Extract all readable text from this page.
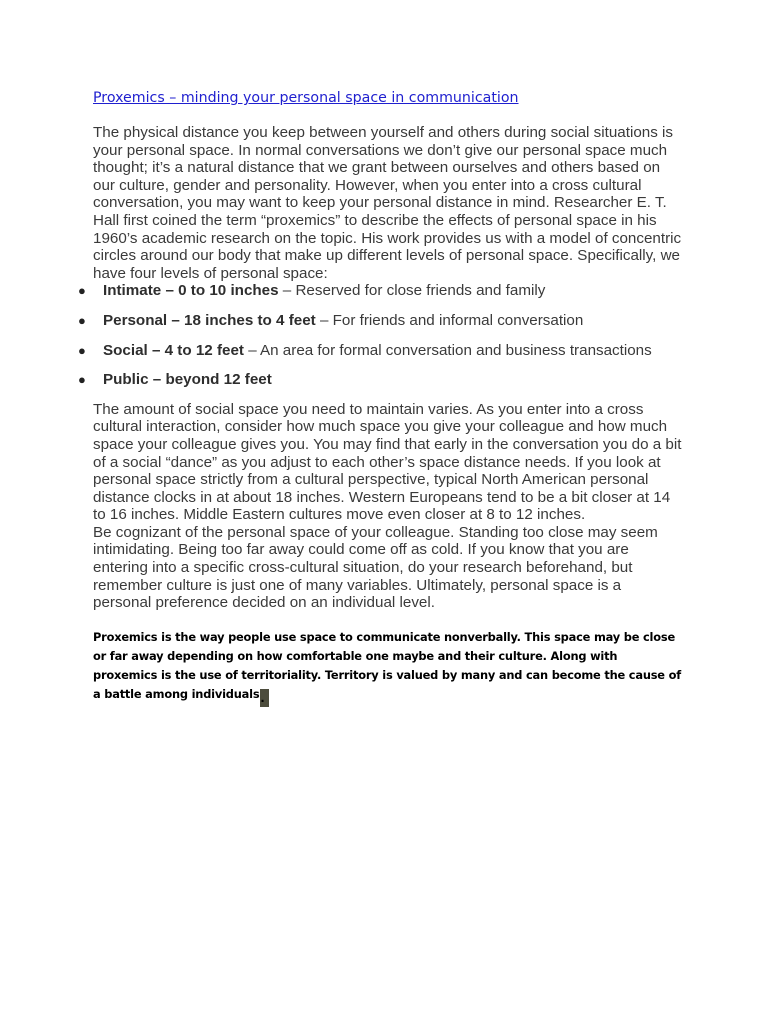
Proxemics – minding your personal space in communication

The physical distance you keep between yourself and others during social situations is your personal space. In normal conversations we don’t give our personal space much thought; it’s a natural distance that we grant between ourselves and others based on our culture, gender and personality. However, when you enter into a cross cultural conversation, you may want to keep your personal distance in mind. Researcher E. T. Hall first coined the term “proxemics” to describe the effects of personal space in his 1960’s academic research on the topic. His work provides us with a model of concentric circles around our body that make up different levels of personal space. Specifically, we have four levels of personal space:

● Intimate – 0 to 10 inches – Reserved for close friends and family
● Personal – 18 inches to 4 feet – For friends and informal conversation
● Social – 4 to 12 feet – An area for formal conversation and business transactions
● Public – beyond 12 feet

The amount of social space you need to maintain varies. As you enter into a cross cultural interaction, consider how much space you give your colleague and how much space your colleague gives you. You may find that early in the conversation you do a bit of a social “dance” as you adjust to each other’s space distance needs. If you look at personal space strictly from a cultural perspective, typical North American personal distance clocks in at about 18 inches. Western Europeans tend to be a bit closer at 14 to 16 inches. Middle Eastern cultures move even closer at 8 to 12 inches.

Be cognizant of the personal space of your colleague. Standing too close may seem intimidating. Being too far away could come off as cold. If you know that you are entering into a specific cross-cultural situation, do your research beforehand, but remember culture is just one of many variables. Ultimately, personal space is a personal preference decided on an individual level.

Proxemics is the way people use space to communicate nonverbally. This space may be close or far away depending on how comfortable one maybe and their culture. Along with proxemics is the use of territoriality. Territory is valued by many and can become the cause of a battle among individuals.
